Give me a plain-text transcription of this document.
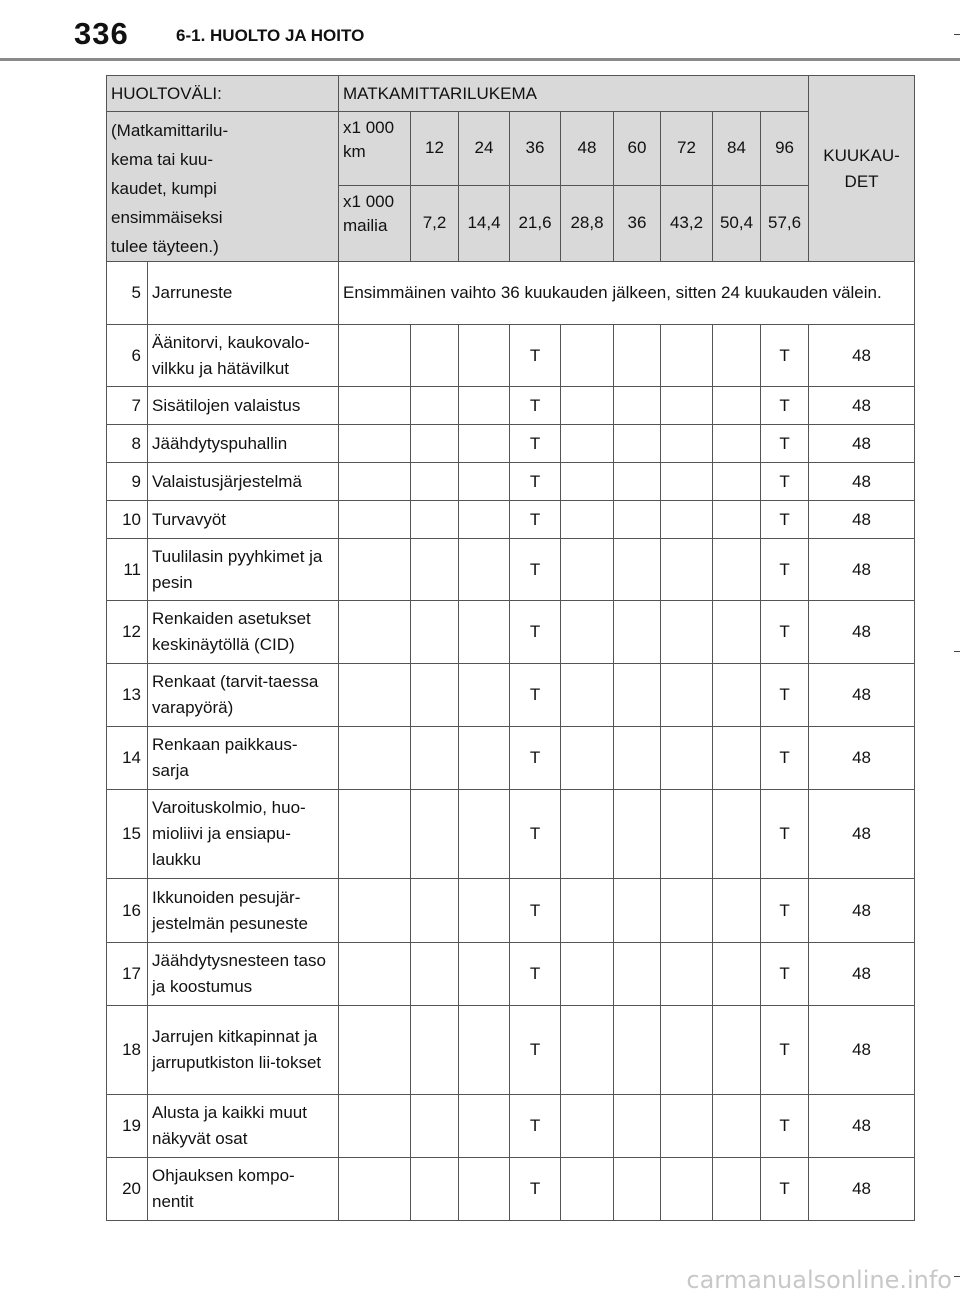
336	6-1. HUOLTO JA HOITO
HUOLTOVÄLI:		MATKAMITTARILUKEMA									KUUKAU-DET

(Matkamittarilu-kema tai kuu-kaudet, kumpi ensimmäiseksi tulee täyteen.)		x1 000 km	12	24	36	48	60	72	84	96	

		x1 000 mailia	7,2	14,4	21,6	28,8	36	43,2	50,4	57,6	
5	Jarruneste	Ensimmäinen vaihto 36 kuukauden jälkeen, sitten 24 kuukauden välein.									
6	Äänitorvi, kaukovalo-vilkku ja hätävilkut				T					T	48
7	Sisätilojen valaistus				T					T	48
8	Jäähdytyspuhallin				T					T	48
9	Valaistusjärjestelmä				T					T	48
10	Turvavyöt				T					T	48
11	Tuulilasin pyyhkimet ja pesin				T					T	48
12	Renkaiden asetukset keskinäytöllä (CID)				T					T	48
13	Renkaat (tarvit-taessa varapyörä)				T					T	48
14	Renkaan paikkaus-sarja				T					T	48
15	Varoituskolmio, huo-mioliivi ja ensiapu-laukku				T					T	48
16	Ikkunoiden pesujär-jestelmän pesuneste				T					T	48
17	Jäähdytysnesteen taso ja koostumus				T					T	48
18	Jarrujen kitkapinnat ja jarruputkiston lii-tokset				T					T	48
19	Alusta ja kaikki muut näkyvät osat				T					T	48
20	Ohjauksen kompo-nentit				T					T	48
carmanualsonline.info
